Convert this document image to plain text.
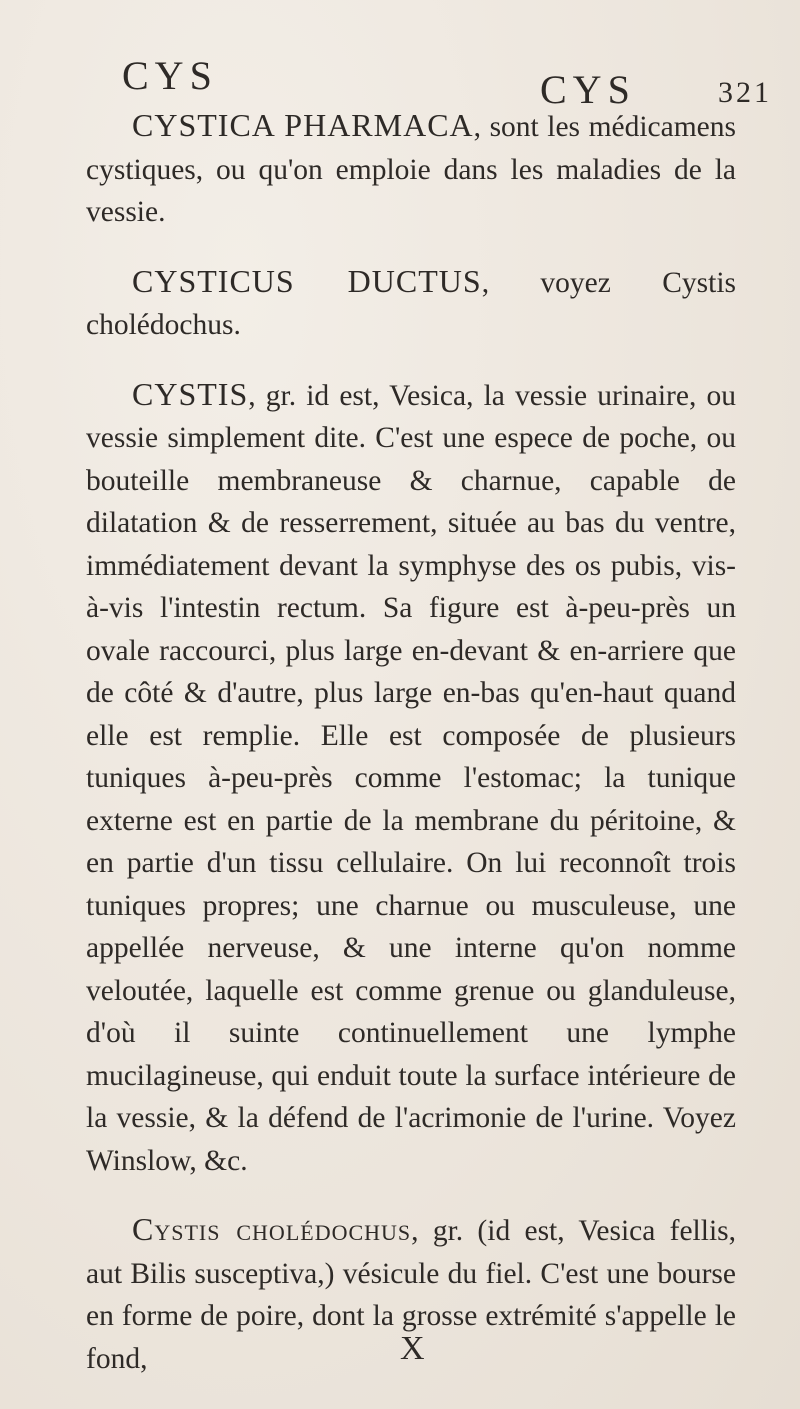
CYS	CYS	321

CYSTICA PHARMACA, sont les médicamens cystiques, ou qu'on emploie dans les maladies de la vessie.

CYSTICUS DUCTUS, voyez Cystis cholédochus.

CYSTIS, gr. id est, Vesica, la vessie urinaire, ou vessie simplement dite. C'est une espece de poche, ou bouteille membraneuse & charnue, capable de dilatation & de resserrement, située au bas du ventre, immédiatement devant la symphyse des os pubis, vis-à-vis l'intestin rectum. Sa figure est à-peu-près un ovale raccourci, plus large en-devant & en-arriere que de côté & d'autre, plus large en-bas qu'en-haut quand elle est remplie. Elle est composée de plusieurs tuniques à-peu-près comme l'estomac; la tunique externe est en partie de la membrane du péritoine, & en partie d'un tissu cellulaire. On lui reconnoît trois tuniques propres; une charnue ou musculeuse, une appellée nerveuse, & une interne qu'on nomme veloutée, laquelle est comme grenue ou glanduleuse, d'où il suinte continuellement une lymphe mucilagineuse, qui enduit toute la surface intérieure de la vessie, & la défend de l'acrimonie de l'urine. Voyez Winslow, &c.

Cystis cholédochus, gr. (id est, Vesica fellis, aut Bilis susceptiva,) vésicule du fiel. C'est une bourse en forme de poire, dont la grosse extrémité s'appelle le fond,	X
